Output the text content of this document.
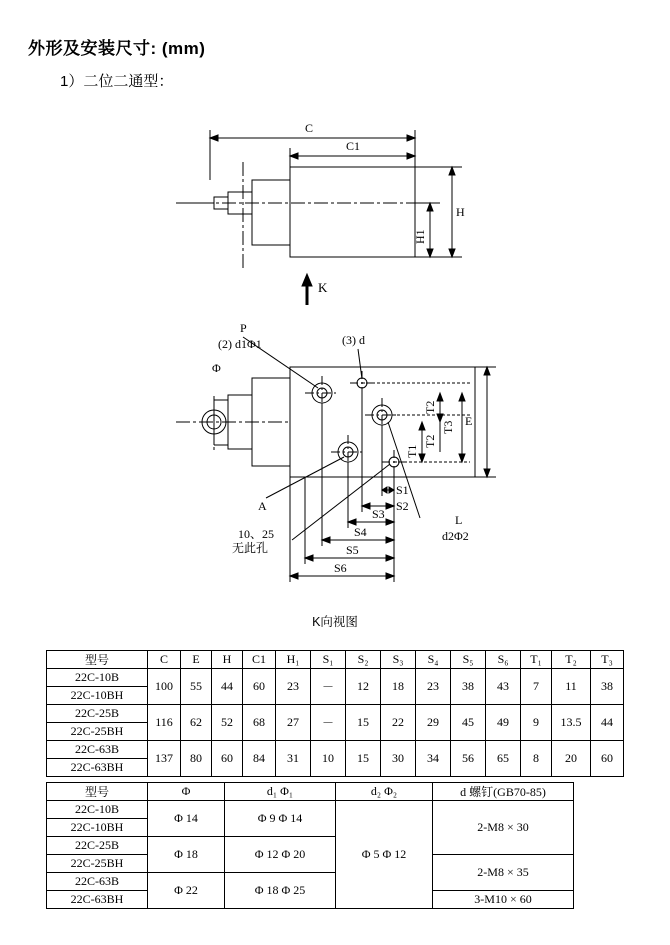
外形及安装尺寸: (mm)
1）二位二通型：
C
C1
H
H1
K
Φ
P
(2) d1Φ1	(3) d
A
10、25
无此孔
L
d2Φ2
E
T3
T2
T2
T1
S1
S2
S3
S4
S5
S6
K向视图
型号	C	E	H	C1	H₁	S₁	S₂	S₃	S₄	S₅	S₆	T₁	T₂	T₃
22C-10B	100	55	44	60	23	－	12	18	23	38	43	7	11	38
22C-10BH														
22C-25B	116	62	52	68	27	－	15	22	29	45	49	9	13.5	44
22C-25BH														
22C-63B	137	80	60	84	31	10	15	30	34	56	65	8	20	60
22C-63BH														
型号	Φ	d₁ Φ₁	d₂ Φ₂	d 螺钉(GB70-85)
22C-10B	Φ 14	Φ 9 Φ 14	Φ 5 Φ 12	2-M8 × 30
22C-10BH				
22C-25B	Φ 18	Φ 12 Φ 20		
22C-25BH				2-M8 × 35
22C-63B	Φ 22	Φ 18 Φ 25		
22C-63BH				3-M10 × 60
